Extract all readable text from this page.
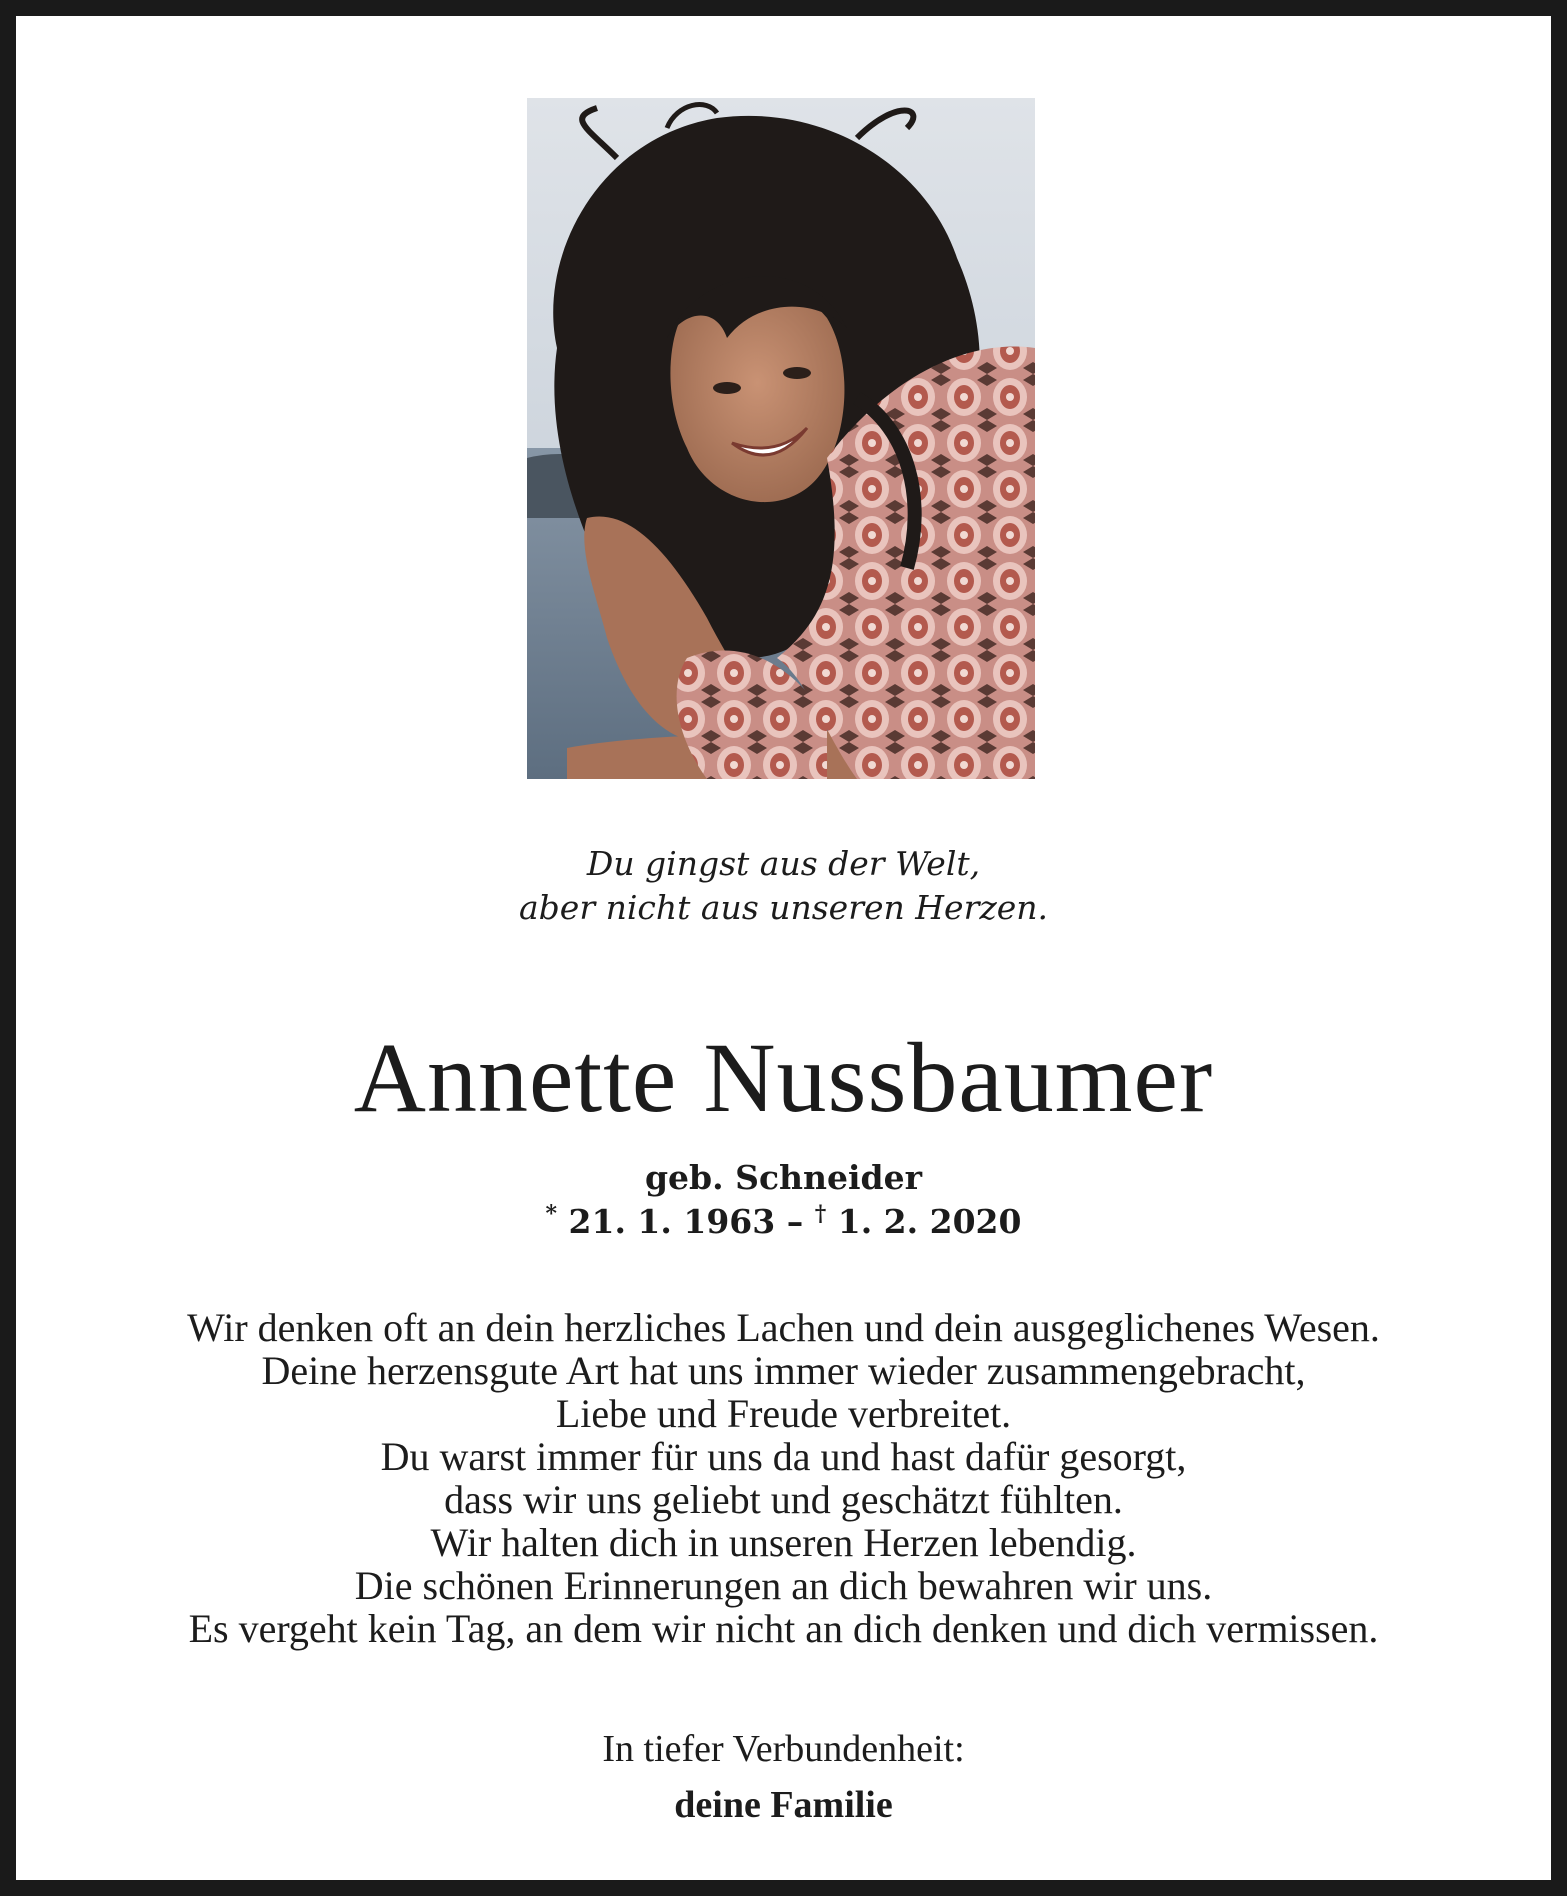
Du gingst aus der Welt,
aber nicht aus unseren Herzen.
Annette Nussbaumer
geb. Schneider
* 21. 1. 1963 – † 1. 2. 2020
Wir denken oft an dein herzliches Lachen und dein ausgeglichenes Wesen.
Deine herzensgute Art hat uns immer wieder zusammengebracht,
Liebe und Freude verbreitet.
Du warst immer für uns da und hast dafür gesorgt,
dass wir uns geliebt und geschätzt fühlten.
Wir halten dich in unseren Herzen lebendig.
Die schönen Erinnerungen an dich bewahren wir uns.
Es vergeht kein Tag, an dem wir nicht an dich denken und dich vermissen.
In tiefer Verbundenheit:
deine Familie
